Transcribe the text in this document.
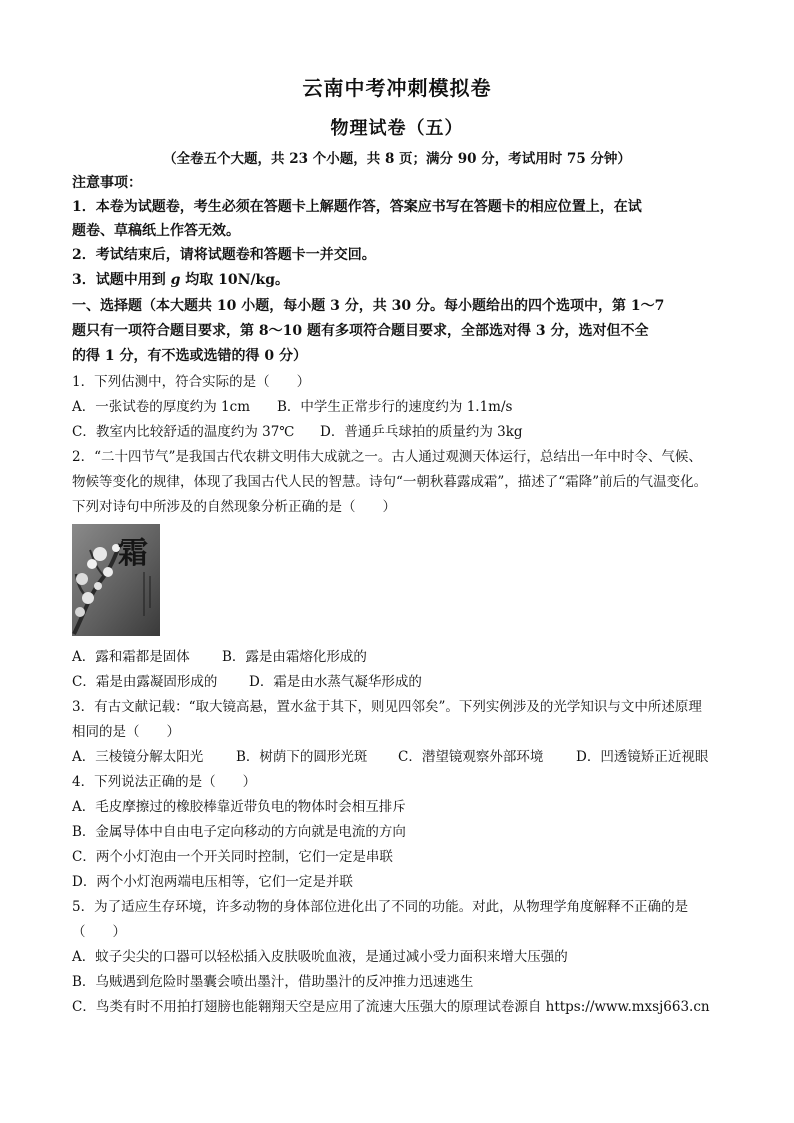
云南中考冲刺模拟卷
物理试卷（五）
（全卷五个大题，共 23 个小题，共 8 页；满分 90 分，考试用时 75 分钟）
注意事项：
1．本卷为试题卷，考生必须在答题卡上解题作答，答案应书写在答题卡的相应位置上，在试
题卷、草稿纸上作答无效。
2．考试结束后，请将试题卷和答题卡一并交回。
3．试题中用到 g 均取 10N/kg。
一、选择题（本大题共 10 小题，每小题 3 分，共 30 分。每小题给出的四个选项中，第 1～7
题只有一项符合题目要求，第 8～10 题有多项符合题目要求，全部选对得 3 分，选对但不全
的得 1 分，有不选或选错的得 0 分）
1．下列估测中，符合实际的是（　　）
A．一张试卷的厚度约为 1cm B．中学生正常步行的速度约为 1.1m/s
C．教室内比较舒适的温度约为 37℃ D．普通乒乓球拍的质量约为 3kg
2．“二十四节气”是我国古代农耕文明伟大成就之一。古人通过观测天体运行，总结出一年中时令、气候、
物候等变化的规律，体现了我国古代人民的智慧。诗句“一朝秋暮露成霜”，描述了“霜降”前后的气温变化。
下列对诗句中所涉及的自然现象分析正确的是（　　）
霜
A．露和霜都是固体 B．露是由霜熔化形成的
C．霜是由露凝固形成的 D．霜是由水蒸气凝华形成的
3．有古文献记载：“取大镜高悬，置水盆于其下，则见四邻矣”。下列实例涉及的光学知识与文中所述原理
相同的是（　　）
A．三棱镜分解太阳光 B．树荫下的圆形光斑 C．潜望镜观察外部环境 D．凹透镜矫正近视眼
4．下列说法正确的是（　　）
A．毛皮摩擦过的橡胶棒靠近带负电的物体时会相互排斥
B．金属导体中自由电子定向移动的方向就是电流的方向
C．两个小灯泡由一个开关同时控制，它们一定是串联
D．两个小灯泡两端电压相等，它们一定是并联
5．为了适应生存环境，许多动物的身体部位进化出了不同的功能。对此，从物理学角度解释不正确的是
（　　）
A．蚊子尖尖的口器可以轻松插入皮肤吸吮血液，是通过减小受力面积来增大压强的
B．乌贼遇到危险时墨囊会喷出墨汁，借助墨汁的反冲推力迅速逃生
C．鸟类有时不用拍打翅膀也能翱翔天空是应用了流速大压强大的原理试卷源自 https://www.mxsj663.cn
